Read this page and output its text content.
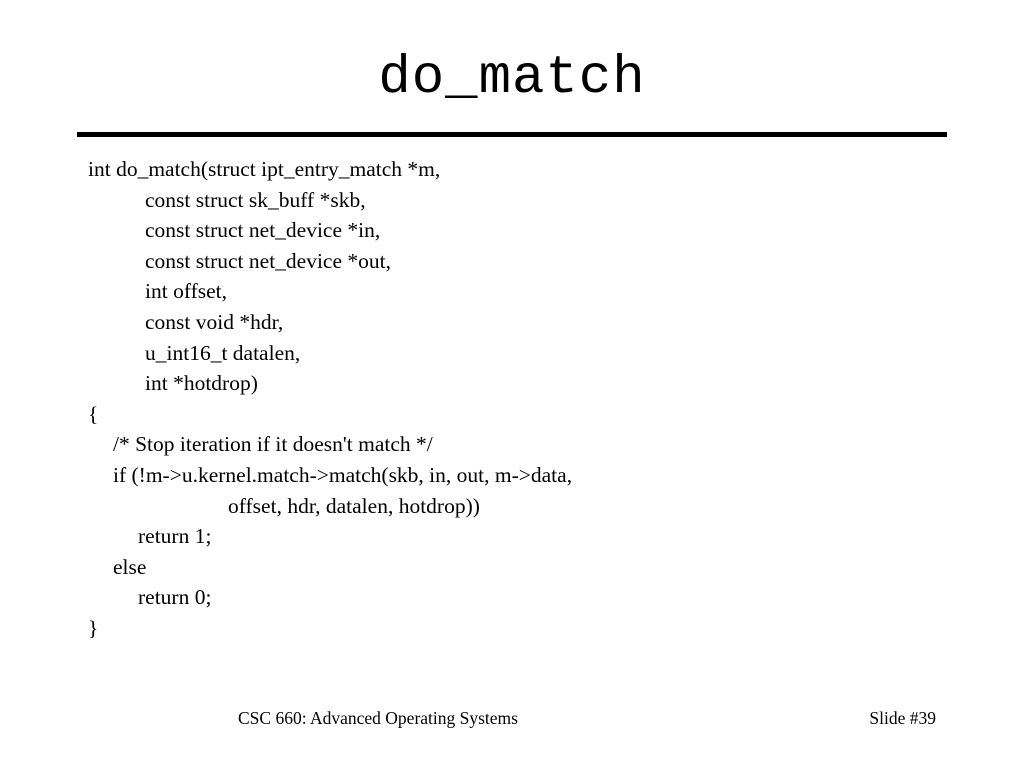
do_match
int do_match(struct ipt_entry_match *m,
const struct sk_buff *skb,
const struct net_device *in,
const struct net_device *out,
int offset,
const void *hdr,
u_int16_t datalen,
int *hotdrop)
{
/* Stop iteration if it doesn't match */
if (!m->u.kernel.match->match(skb, in, out, m->data,
offset, hdr, datalen, hotdrop))
return 1;
else
return 0;
}
CSC 660: Advanced Operating Systems	Slide #39
